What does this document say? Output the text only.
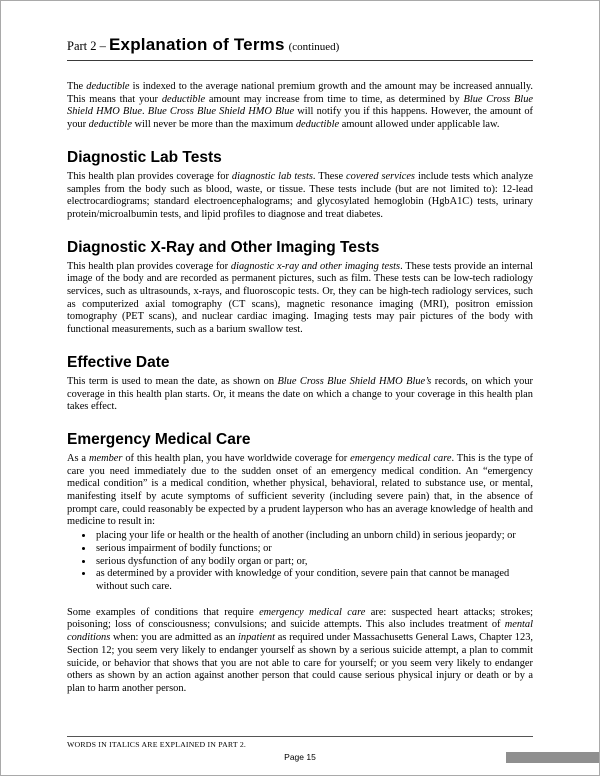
Part 2 – Explanation of Terms (continued)

The deductible is indexed to the average national premium growth and the amount may be increased annually. This means that your deductible amount may increase from time to time, as determined by Blue Cross Blue Shield HMO Blue. Blue Cross Blue Shield HMO Blue will notify you if this happens. However, the amount of your deductible will never be more than the maximum deductible amount allowed under applicable law.

Diagnostic Lab Tests

This health plan provides coverage for diagnostic lab tests. These covered services include tests which analyze samples from the body such as blood, waste, or tissue. These tests include (but are not limited to): 12-lead electrocardiograms; standard electroencephalograms; and glycosylated hemoglobin (HgbA1C) tests, urinary protein/microalbumin tests, and lipid profiles to diagnose and treat diabetes.

Diagnostic X-Ray and Other Imaging Tests

This health plan provides coverage for diagnostic x-ray and other imaging tests. These tests provide an internal image of the body and are recorded as permanent pictures, such as film. These tests can be low-tech radiology services, such as ultrasounds, x-rays, and fluoroscopic tests. Or, they can be high-tech radiology services, such as computerized axial tomography (CT scans), magnetic resonance imaging (MRI), positron emission tomography (PET scans), and nuclear cardiac imaging. Imaging tests may pair pictures of the body with functional measurements, such as a barium swallow test.

Effective Date

This term is used to mean the date, as shown on Blue Cross Blue Shield HMO Blue’s records, on which your coverage in this health plan starts. Or, it means the date on which a change to your coverage in this health plan takes effect.

Emergency Medical Care

As a member of this health plan, you have worldwide coverage for emergency medical care. This is the type of care you need immediately due to the sudden onset of an emergency medical condition. An “emergency medical condition” is a medical condition, whether physical, behavioral, related to substance use, or mental, manifesting itself by acute symptoms of sufficient severity (including severe pain) that, in the absence of prompt care, could reasonably be expected by a prudent layperson who has an average knowledge of health and medicine to result in:

• placing your life or health or the health of another (including an unborn child) in serious jeopardy; or
• serious impairment of bodily functions; or
• serious dysfunction of any bodily organ or part; or,
• as determined by a provider with knowledge of your condition, severe pain that cannot be managed without such care.

Some examples of conditions that require emergency medical care are: suspected heart attacks; strokes; poisoning; loss of consciousness; convulsions; and suicide attempts. This also includes treatment of mental conditions when: you are admitted as an inpatient as required under Massachusetts General Laws, Chapter 123, Section 12; you seem very likely to endanger yourself as shown by a serious suicide attempt, a plan to commit suicide, or behavior that shows that you are not able to care for yourself; or you seem very likely to endanger others as shown by an action against another person that could cause serious physical injury or death or by a plan to harm another person.

WORDS IN ITALICS ARE EXPLAINED IN PART 2.
Page 15
